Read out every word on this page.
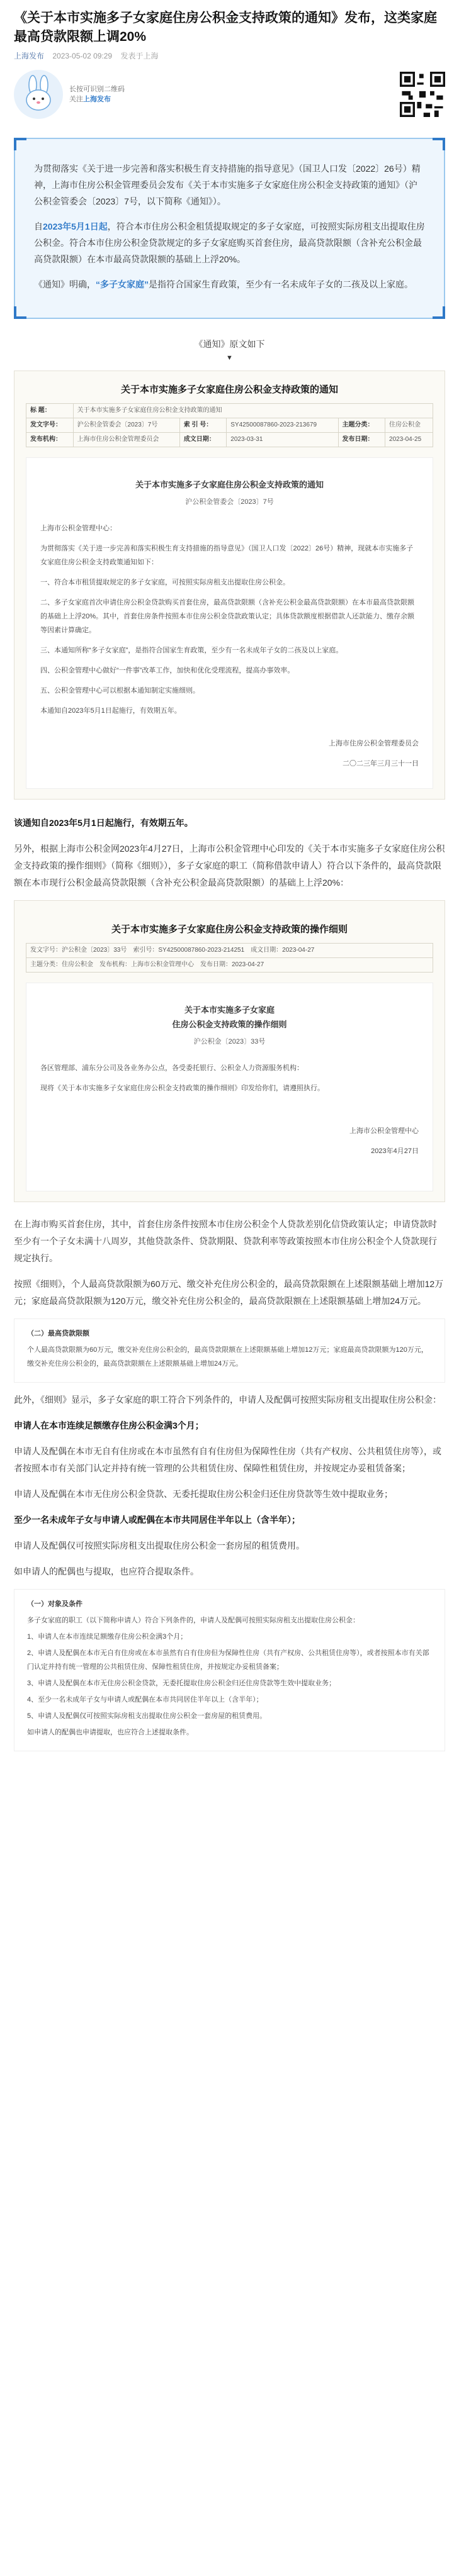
《关于本市实施多子女家庭住房公积金支持政策的通知》发布，这类家庭最高贷款限额上调20%
上海发布 2023-05-02 09:29 发表于上海
长按可识别二维码
关注上海发布

为贯彻落实《关于进一步完善和落实积极生育支持措施的指导意见》（国卫人口发〔2022〕26号）精神，上海市住房公积金管理委员会发布《关于本市实施多子女家庭住房公积金支持政策的通知》（沪公积金管委会〔2023〕7号，以下简称《通知》）。

自2023年5月1日起，符合本市住房公积金租赁提取规定的多子女家庭，可按照实际房租支出提取住房公积金。符合本市住房公积金贷款规定的多子女家庭购买首套住房，最高贷款限额（含补充公积金最高贷款限额）在本市最高贷款限额的基础上上浮20%。

《通知》明确，“多子女家庭”是指符合国家生育政策，至少有一名未成年子女的二孩及以上家庭。

《通知》原文如下
▼
关于本市实施多子女家庭住房公积金支持政策的通知
标 题：	关于本市实施多子女家庭住房公积金支持政策的通知				
发文字号：	沪公积金管委会〔2023〕7号	索 引 号：	SY42500087860-2023-213679	主题分类：	住房公积金
发布机构：	上海市住房公积金管理委员会	成文日期：	2023-03-31	发布日期：	2023-04-25
关于本市实施多子女家庭住房公积金支持政策的通知
沪公积金管委会〔2023〕7号

上海市公积金管理中心：

为贯彻落实《关于进一步完善和落实积极生育支持措施的指导意见》（国卫人口发〔2022〕26号）精神，现就本市实施多子女家庭住房公积金支持政策通知如下：

一、符合本市租赁提取规定的多子女家庭，可按照实际房租支出提取住房公积金。

二、多子女家庭首次申请住房公积金贷款购买首套住房，最高贷款限额（含补充公积金最高贷款限额）在本市最高贷款限额的基础上上浮20%。其中，首套住房条件按照本市住房公积金贷款政策认定；具体贷款额度根据借款人还款能力、缴存余额等因素计算确定。

三、本通知所称“多子女家庭”，是指符合国家生育政策，至少有一名未成年子女的二孩及以上家庭。

四、公积金管理中心做好“一件事”改革工作，加快和优化受理流程，提高办事效率。

五、公积金管理中心可以根据本通知制定实施细则。

本通知自2023年5月1日起施行，有效期五年。

上海市住房公积金管理委员会

二〇二三年三月三十一日

该通知自2023年5月1日起施行，有效期五年。

另外，根据上海市公积金网2023年4月27日，上海市公积金管理中心印发的《关于本市实施多子女家庭住房公积金支持政策的操作细则》（简称《细则》），多子女家庭的职工（简称借款申请人）符合以下条件的，最高贷款限额在本市现行公积金最高贷款限额（含补充公积金最高贷款限额）的基础上上浮20%：

关于本市实施多子女家庭住房公积金支持政策的操作细则
发文字号：沪公积金〔2023〕33号　索引号：SY42500087860-2023-214251　成文日期：2023-04-27
主题分类：住房公积金　发布机构：上海市公积金管理中心　发布日期：2023-04-27
关于本市实施多子女家庭
住房公积金支持政策的操作细则
沪公积金〔2023〕33号

各区管理部、浦东分公司及各业务办公点，各受委托银行、公积金人力资源服务机构：

现将《关于本市实施多子女家庭住房公积金支持政策的操作细则》印发给你们，请遵照执行。

上海市公积金管理中心

2023年4月27日

在上海市购买首套住房，其中，首套住房条件按照本市住房公积金个人贷款差别化信贷政策认定；申请贷款时至少有一个子女未满十八周岁，其他贷款条件、贷款期限、贷款利率等政策按照本市住房公积金个人贷款现行规定执行。

按照《细则》，个人最高贷款限额为60万元、缴交补充住房公积金的，最高贷款限额在上述限额基础上增加12万元；家庭最高贷款限额为120万元，缴交补充住房公积金的，最高贷款限额在上述限额基础上增加24万元。

（二）最高贷款限额

个人最高贷款限额为60万元，缴交补充住房公积金的，最高贷款限额在上述限额基础上增加12万元；家庭最高贷款限额为120万元，缴交补充住房公积金的，最高贷款限额在上述限额基础上增加24万元。

此外，《细则》显示，多子女家庭的职工符合下列条件的，申请人及配偶可按照实际房租支出提取住房公积金：

申请人在本市连续足额缴存住房公积金满3个月；

申请人及配偶在本市无自有住房或在本市虽然有自有住房但为保障性住房（共有产权房、公共租赁住房等），或者按照本市有关部门认定并持有统一管理的公共租赁住房、保障性租赁住房，并按规定办妥租赁备案；

申请人及配偶在本市无住房公积金贷款、无委托提取住房公积金归还住房贷款等生效中提取业务；

至少一名未成年子女与申请人或配偶在本市共同居住半年以上（含半年）；

申请人及配偶仅可按照实际房租支出提取住房公积金一套房屋的租赁费用。

如申请人的配偶也与提取，也应符合提取条件。

（一）对象及条件

多子女家庭的职工（以下简称申请人）符合下列条件的，申请人及配偶可按照实际房租支出提取住房公积金：

1、申请人在本市连续足额缴存住房公积金满3个月；

2、申请人及配偶在本市无自有住房或在本市虽然有自有住房但为保障性住房（共有产权房、公共租赁住房等），或者按照本市有关部门认定并持有统一管理的公共租赁住房、保障性租赁住房，并按规定办妥租赁备案；

3、申请人及配偶在本市无住房公积金贷款，无委托提取住房公积金归还住房贷款等生效中提取业务；

4、至少一名未成年子女与申请人或配偶在本市共同居住半年以上（含半年）；

5、申请人及配偶仅可按照实际房租支出提取住房公积金一套房屋的租赁费用。

如申请人的配偶也申请提取，也应符合上述提取条件。
